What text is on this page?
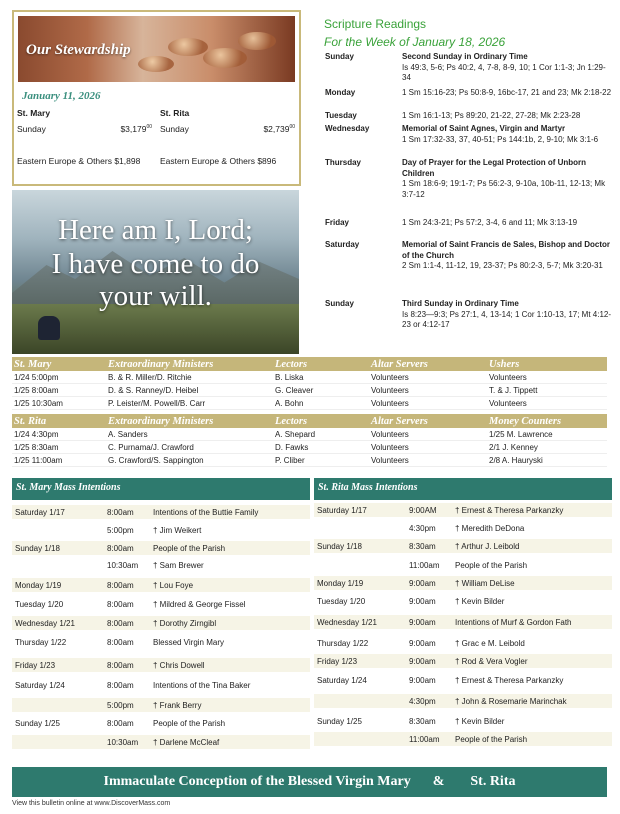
Our Stewardship
January 11, 2026
St. Mary
Sunday	$3,179$^{00}$
Eastern Europe & Others $1,898
St. Rita
Sunday	$2,739$^{00}$
Eastern Europe & Others $896
Scripture Readings
For the Week of January 18, 2026
Sunday	Second Sunday in Ordinary Time
Is 49:3, 5-6; Ps 40:2, 4, 7-8, 8-9, 10; 1 Cor 1:1-3; Jn 1:29-34
Monday	1 Sm 15:16-23; Ps 50:8-9, 16bc-17, 21 and 23; Mk 2:18-22
Tuesday	1 Sm 16:1-13; Ps 89:20, 21-22, 27-28; Mk 2:23-28
Wednesday	Memorial of Saint Agnes, Virgin and Martyr
1 Sm 17:32-33, 37, 40-51; Ps 144:1b, 2, 9-10; Mk 3:1-6
Thursday	Day of Prayer for the Legal Protection of Unborn Children
1 Sm 18:6-9; 19:1-7; Ps 56:2-3, 9-10a, 10b-11, 12-13; Mk 3:7-12
Friday	1 Sm 24:3-21; Ps 57:2, 3-4, 6 and 11; Mk 3:13-19
Saturday	Memorial of Saint Francis de Sales, Bishop and Doctor of the Church
2 Sm 1:1-4, 11-12, 19, 23-37; Ps 80:2-3, 5-7; Mk 3:20-31
Sunday	Third Sunday in Ordinary Time
Is 8:23—9:3; Ps 27:1, 4, 13-14; 1 Cor 1:10-13, 17; Mt 4:12-23 or 4:12-17
Here am I, Lord;
I have come to do
your will.
St. Mary	Extraordinary Ministers	Lectors	Altar Servers	Ushers
1/24 5:00pm	B. & R. Miller/D. Ritchie	B. Liska	Volunteers	Volunteers
1/25 8:00am	D. & S. Ranney/D. Heibel	G. Cleaver	Volunteers	T. & J. Tippett
1/25 10:30am	P. Leister/M. Powell/B. Carr	A. Bohn	Volunteers	Volunteers
St. Rita	Extraordinary Ministers	Lectors	Altar Servers	Money Counters
1/24 4:30pm	A. Sanders	A. Shepard	Volunteers	1/25 M. Lawrence
1/25 8:30am	C. Purnama/J. Crawford	D. Fawks	Volunteers	2/1 J. Kenney
1/25 11:00am	G. Crawford/S. Sappington	P. Cliber	Volunteers	2/8 A. Hauryski
St. Mary Mass Intentions
Saturday 1/17	8:00am	Intentions of the Buttie Family
5:00pm	† Jim Weikert
Sunday 1/18	8:00am	People of the Parish
10:30am	† Sam Brewer
Monday 1/19	8:00am	† Lou Foye
Tuesday 1/20	8:00am	† Mildred & George Fissel
Wednesday 1/21	8:00am	† Dorothy Zirngibl
Thursday 1/22	8:00am	Blessed Virgin Mary
Friday 1/23	8:00am	† Chris Dowell
Saturday 1/24	8:00am	Intentions of the Tina Baker
5:00pm	† Frank Berry
Sunday 1/25	8:00am	People of the Parish
10:30am	† Darlene McCleaf
St. Rita Mass Intentions
Saturday 1/17	9:00AM	† Ernest & Theresa Parkanzky
4:30pm	† Meredith DeDona
Sunday 1/18	8:30am	† Arthur J. Leibold
11:00am	People of the Parish
Monday 1/19	9:00am	† William DeLise
Tuesday 1/20	9:00am	† Kevin Bilder
Wednesday 1/21	9:00am	Intentions of Murf & Gordon Fath
Thursday 1/22	9:00am	† Grac e M. Leibold
Friday 1/23	9:00am	† Rod & Vera Vogler
Saturday 1/24	9:00am	† Ernest & Theresa Parkanzky
4:30pm	† John & Rosemarie Marinchak
Sunday 1/25	8:30am	† Kevin Bilder
11:00am	People of the Parish
Immaculate Conception of the Blessed Virgin Mary & St. Rita
View this bulletin online at www.DiscoverMass.com
